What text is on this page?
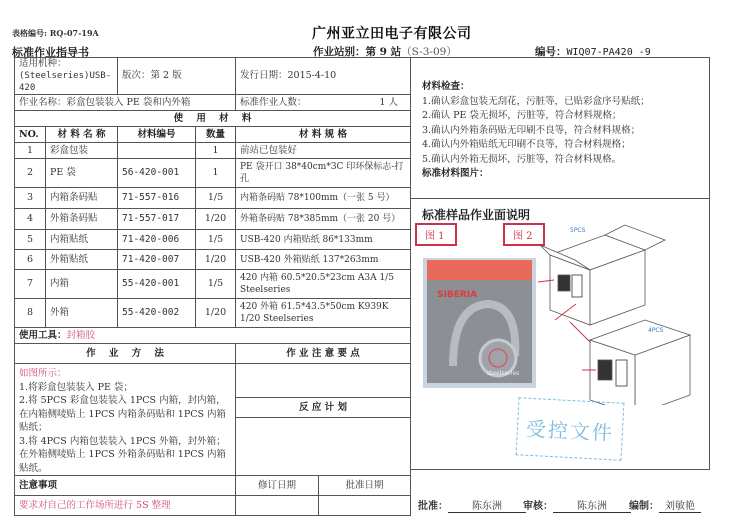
表格编号: RQ-07-19A	广州亚立田电子有限公司
标准作业指导书	作业站别：第 9 站（S-3-09）	编号：WIQ07-PA420 -9
适用机种：
(Steelseries)USB-420		版次：第 2 版		发行日期：2015-4-10
作业名称：彩盒包装装入 PE 袋和内外箱				标准作业人数： 1 人

使    用    材    料				
NO.	材 料 名 称	材料编号	数量	材 料 规 格
1	彩盒包装		1	前站已包装好
2	PE 袋	56-420-001	1	PE 袋开口 38*40cm*3C 印环保标志-打孔
3	内箱条码贴	71-557-016	1/5	内箱条码贴 78*100mm（一张 5 号）
4	外箱条码贴	71-557-017	1/20	外箱条码贴 78*385mm（一张 20 号）
5	内箱贴纸	71-420-006	1/5	USB-420 内箱贴纸 86*133mm
6	外箱贴纸	71-420-007	1/20	USB-420 外箱贴纸 137*263mm
7	内箱	55-420-001	1/5	420 内箱 60.5*20.5*23cm A3A 1/5 Steelseries
8	外箱	55-420-002	1/20	420 外箱 61.5*43.5*50cm K939K 1/20 Steelseries
使用工具：封箱胶				
作    业    方    法				作 业 注 意 要 点

如图所示：
1.将彩盒包装装入 PE 袋；
2.将 5PCS 彩盒包装装入 1PCS 内箱，封内箱，在内箱侧唛贴上 1PCS 内箱条码贴和 1PCS 内箱贴纸；
3.将 4PCS 内箱包装装入 1PCS 外箱，封外箱；在外箱侧唛贴上 1PCS 外箱条码贴和 1PCS 内箱贴纸。				

				反 应 计 划

注意事项				修订日期 批准日期

要求对自己的工作场所进行 5S 整理				
材料检查：
1.确认彩盒包装无刮花，污脏等，已贴彩盒序号贴纸；
2.确认 PE 袋无损坏，污脏等，符合材料规格；
3.确认内外箱条码贴无印刷不良等，符合材料规格；
4.确认内外箱贴纸无印刷不良等，符合材料规格；
5.确认内外箱无损坏，污脏等，符合材料规格。
标准材料图片：
标准样品作业面说明
图 1	图 2
SIBERIA
steelseries
5PCS
4PCS
受控文件
批准： 陈东洲	审核： 陈东洲	编制： 刘敏艳
